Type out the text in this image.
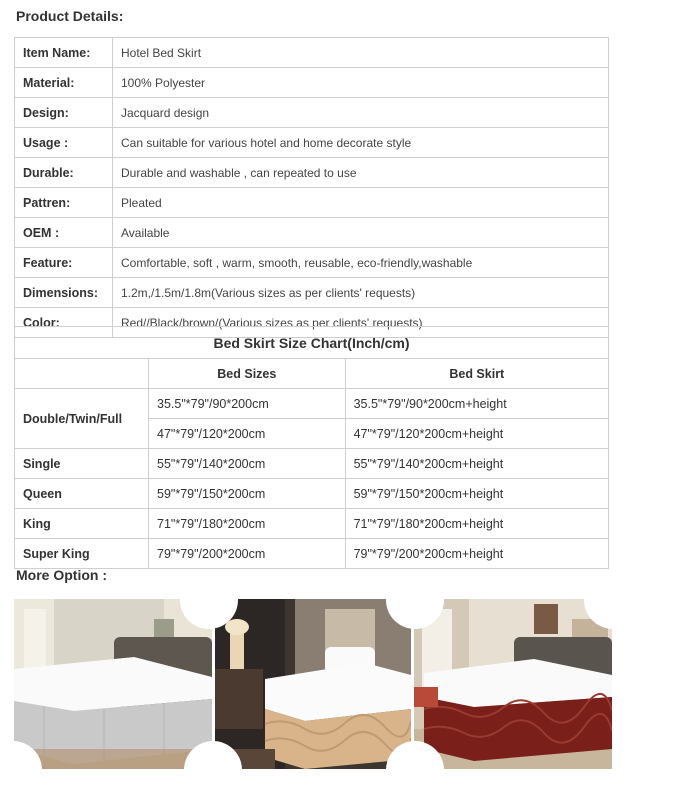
Product Details:
Item Name:	Hotel Bed Skirt
Material:	100% Polyester
Design:	Jacquard design
Usage :	Can suitable for various hotel and home decorate style
Durable:	Durable and washable , can repeated to use
Pattren:	Pleated
OEM :	Available
Feature:	Comfortable, soft , warm, smooth, reusable, eco-friendly,washable
Dimensions:	1.2m,/1.5m/1.8m(Various sizes as per clients' requests)
Color:	Red//Black/brown/(Various sizes as per clients' requests)
Bed Skirt Size Chart(Inch/cm)		
	Bed Sizes	Bed Skirt
Double/Twin/Full	35.5"*79"/90*200cm	35.5"*79"/90*200cm+height
	47"*79"/120*200cm	47"*79"/120*200cm+height
Single	55"*79"/140*200cm	55"*79"/140*200cm+height
Queen	59"*79"/150*200cm	59"*79"/150*200cm+height
King	71"*79"/180*200cm	71"*79"/180*200cm+height
Super King	79"*79"/200*200cm	79"*79"/200*200cm+height
More Option :
